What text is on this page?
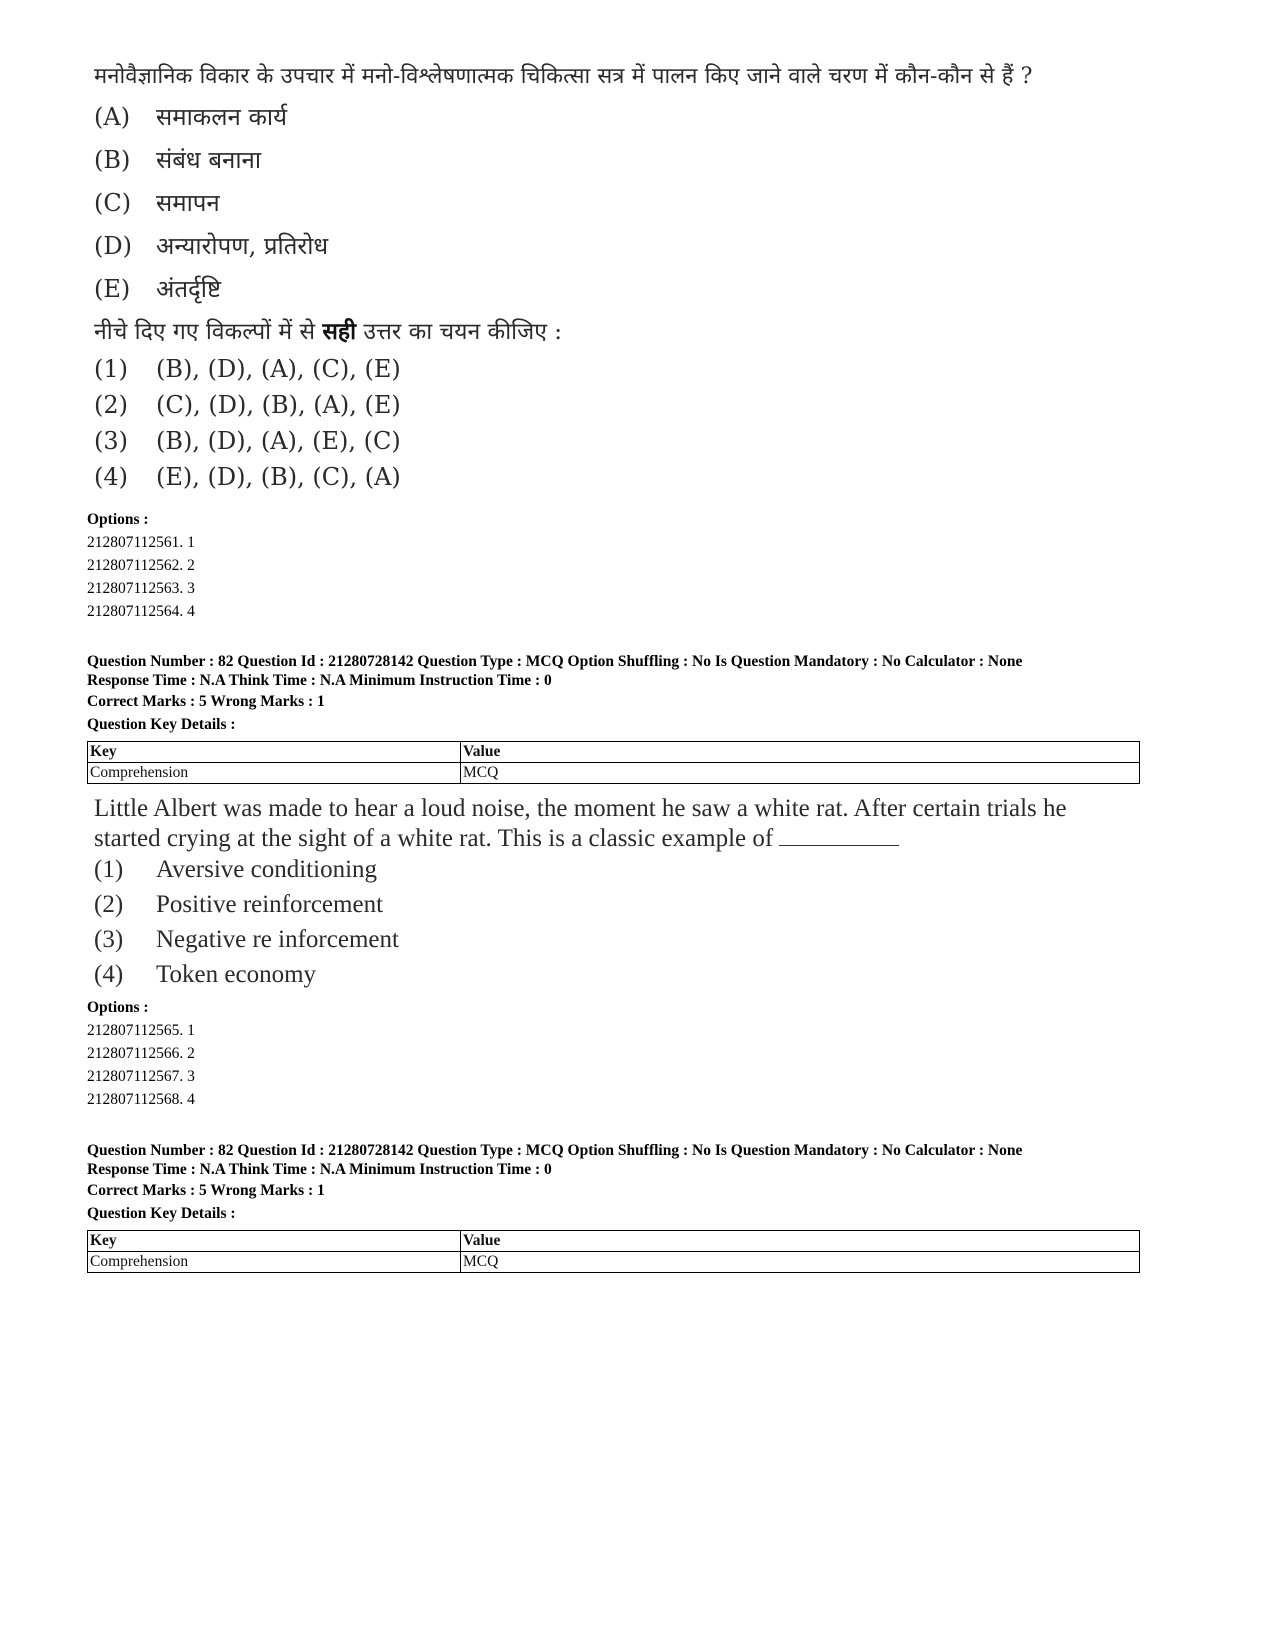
मनोवैज्ञानिक विकार के उपचार में मनो-विश्लेषणात्मक चिकित्सा सत्र में पालन किए जाने वाले चरण में कौन-कौन से हैं ?

(A)	समाकलन कार्य
(B)	संबंध बनाना
(C)	समापन
(D)	अन्यारोपण, प्रतिरोध
(E)	अंतर्दृष्टि

नीचे दिए गए विकल्पों में से सही उत्तर का चयन कीजिए :

(1)	(B), (D), (A), (C), (E)
(2)	(C), (D), (B), (A), (E)
(3)	(B), (D), (A), (E), (C)
(4)	(E), (D), (B), (C), (A)
Options :
212807112561. 1
212807112562. 2
212807112563. 3
212807112564. 4
Question Number : 82 Question Id : 21280728142 Question Type : MCQ Option Shuffling : No Is Question Mandatory : No Calculator : None
Response Time : N.A Think Time : N.A Minimum Instruction Time : 0
Correct Marks : 5 Wrong Marks : 1
Question Key Details :
Key	Value
Comprehension	MCQ

Little Albert was made to hear a loud noise, the moment he saw a white rat. After certain trials he

started crying at the sight of a white rat. This is a classic example of

(1)	Aversive conditioning
(2)	Positive reinforcement
(3)	Negative re inforcement
(4)	Token economy
Options :
212807112565. 1
212807112566. 2
212807112567. 3
212807112568. 4
Question Number : 82 Question Id : 21280728142 Question Type : MCQ Option Shuffling : No Is Question Mandatory : No Calculator : None
Response Time : N.A Think Time : N.A Minimum Instruction Time : 0
Correct Marks : 5 Wrong Marks : 1
Question Key Details :
Key	Value
Comprehension	MCQ
